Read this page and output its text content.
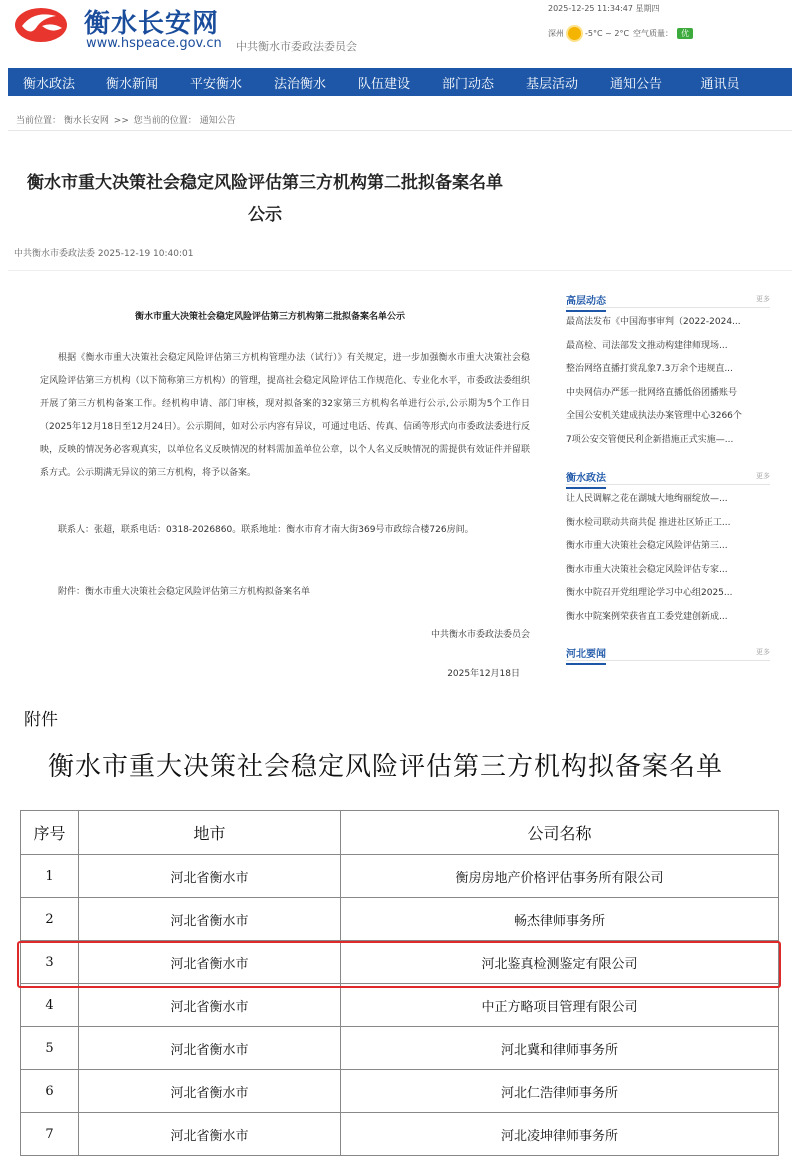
衡水长安网
www.hspeace.gov.cn 中共衡水市委政法委员会
2025-12-25 11:34:47 星期四
深州	-5°C ~ 2°C 空气质量：	优
衡水政法	衡水新闻	平安衡水	法治衡水	队伍建设	部门动态	基层活动	通知公告	通讯员
当前位置： 衡水长安网 >> 您当前的位置： 通知公告
衡水市重大决策社会稳定风险评估第三方机构第二批拟备案名单
公示
中共衡水市委政法委 2025-12-19 10:40:01
衡水市重大决策社会稳定风险评估第三方机构第二批拟备案名单公示
根据《衡水市重大决策社会稳定风险评估第三方机构管理办法（试行）》有关规定，进一步加强衡水市重大决策社会稳定风险评估第三方机构（以下简称第三方机构）的管理，提高社会稳定风险评估工作规范化、专业化水平，市委政法委组织开展了第三方机构备案工作。经机构申请、部门审核，现对拟备案的32家第三方机构名单进行公示,公示期为5个工作日（2025年12月18日至12月24日）。公示期间，如对公示内容有异议，可通过电话、传真、信函等形式向市委政法委进行反映，反映的情况务必客观真实，以单位名义反映情况的材料需加盖单位公章，以个人名义反映情况的需提供有效证件并留联系方式。公示期满无异议的第三方机构，将予以备案。
联系人：张超，联系电话：0318-2026860。联系地址：衡水市育才南大街369号市政综合楼726房间。
附件：衡水市重大决策社会稳定风险评估第三方机构拟备案名单
中共衡水市委政法委员会
2025年12月18日
高层动态	更多
最高法发布《中国海事审判（2022-2024...
最高检、司法部发文推动构建律师现场...
整治网络直播打赏乱象7.3万余个违规直...
中央网信办严惩一批网络直播低俗团播账号
全国公安机关建成执法办案管理中心3266个
7项公安交管便民利企新措施正式实施—...
衡水政法	更多
让人民调解之花在湖城大地绚丽绽放—...
衡水检司联动共商共促 推进社区矫正工...
衡水市重大决策社会稳定风险评估第三...
衡水市重大决策社会稳定风险评估专家...
衡水中院召开党组理论学习中心组2025...
衡水中院案例荣获省直工委党建创新成...
河北要闻	更多
附件
衡水市重大决策社会稳定风险评估第三方机构拟备案名单
序号	地市	公司名称
1	河北省衡水市	衡房房地产价格评估事务所有限公司
2	河北省衡水市	畅杰律师事务所
3	河北省衡水市	河北鉴真检测鉴定有限公司
4	河北省衡水市	中正方略项目管理有限公司
5	河北省衡水市	河北冀和律师事务所
6	河北省衡水市	河北仁浩律师事务所
7	河北省衡水市	河北凌坤律师事务所
